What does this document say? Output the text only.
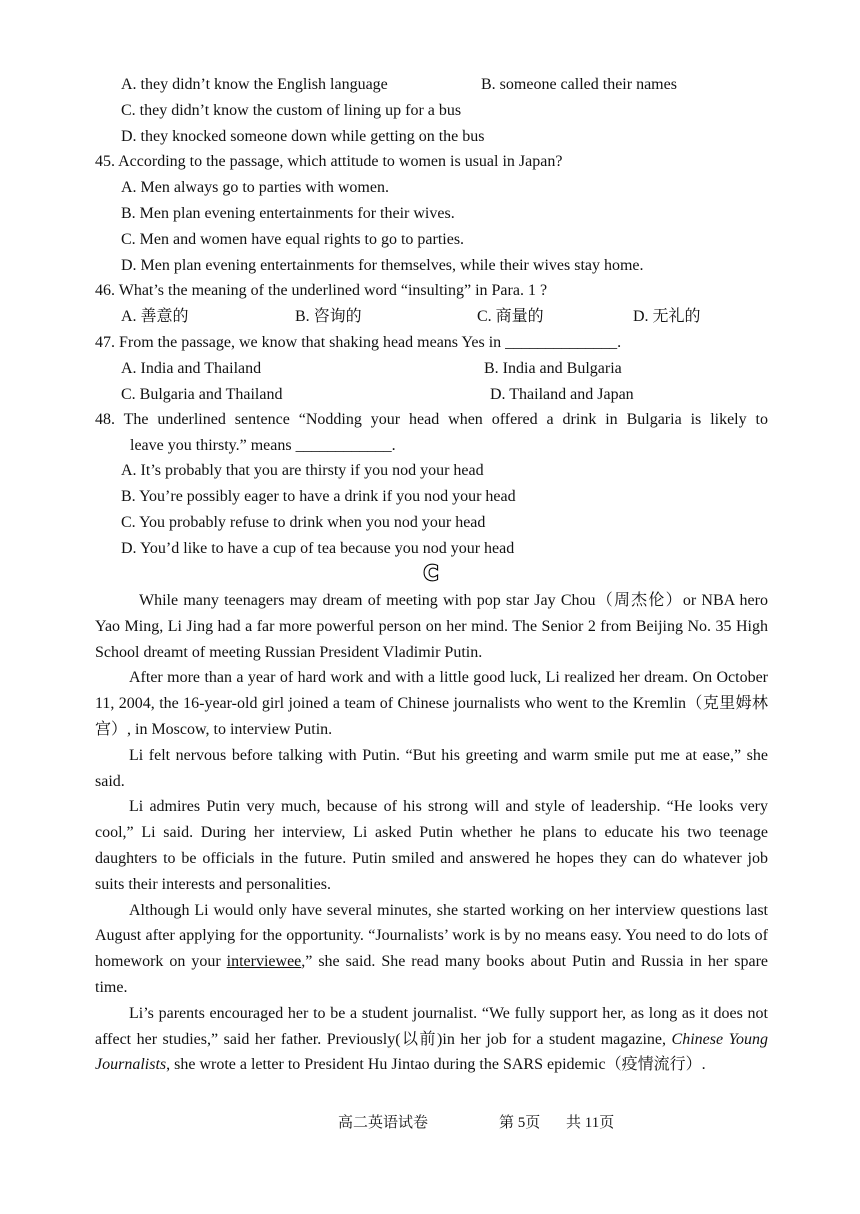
A. they didn’t know the English language	B. someone called their names
C. they didn’t know the custom of lining up for a bus
D. they knocked someone down while getting on the bus
45. According to the passage, which attitude to women is usual in Japan?
A. Men always go to parties with women.
B. Men plan evening entertainments for their wives.
C. Men and women have equal rights to go to parties.
D. Men plan evening entertainments for themselves, while their wives stay home.
46. What’s the meaning of the underlined word “insulting” in Para. 1 ?
A. 善意的	B. 咨询的	C. 商量的	D. 无礼的
47. From the passage, we know that shaking head means Yes in ______________.
A. India and Thailand	B. India and Bulgaria
C. Bulgaria and Thailand	D. Thailand and Japan
48. The underlined sentence “Nodding your head when offered a drink in Bulgaria is likely to
leave you thirsty.” means ____________.
A. It’s probably that you are thirsty if you nod your head
B. You’re possibly eager to have a drink if you nod your head
C. You probably refuse to drink when you nod your head
D. You’d like to have a cup of tea because you nod your head
C

While many teenagers may dream of meeting with pop star Jay Chou（周杰伦）or NBA hero Yao Ming, Li Jing had a far more powerful person on her mind. The Senior 2 from Beijing No. 35 High School dreamt of meeting Russian President Vladimir Putin.

After more than a year of hard work and with a little good luck, Li realized her dream. On October 11, 2004, the 16-year-old girl joined a team of Chinese journalists who went to the Kremlin（克里姆林宫）, in Moscow, to interview Putin.

Li felt nervous before talking with Putin. “But his greeting and warm smile put me at ease,” she said.

Li admires Putin very much, because of his strong will and style of leadership. “He looks very cool,” Li said. During her interview, Li asked Putin whether he plans to educate his two teenage daughters to be officials in the future. Putin smiled and answered he hopes they can do whatever job suits their interests and personalities.

Although Li would only have several minutes, she started working on her interview questions last August after applying for the opportunity. “Journalists’ work is by no means easy. You need to do lots of homework on your interviewee,” she said. She read many books about Putin and Russia in her spare time.

Li’s parents encouraged her to be a student journalist. “We fully support her, as long as it does not affect her studies,” said her father. Previously(以前)in her job for a student magazine, Chinese Young Journalists, she wrote a letter to President Hu Jintao during the SARS epidemic（疫情流行）.

高二英语试卷	第 5页 共 11页
